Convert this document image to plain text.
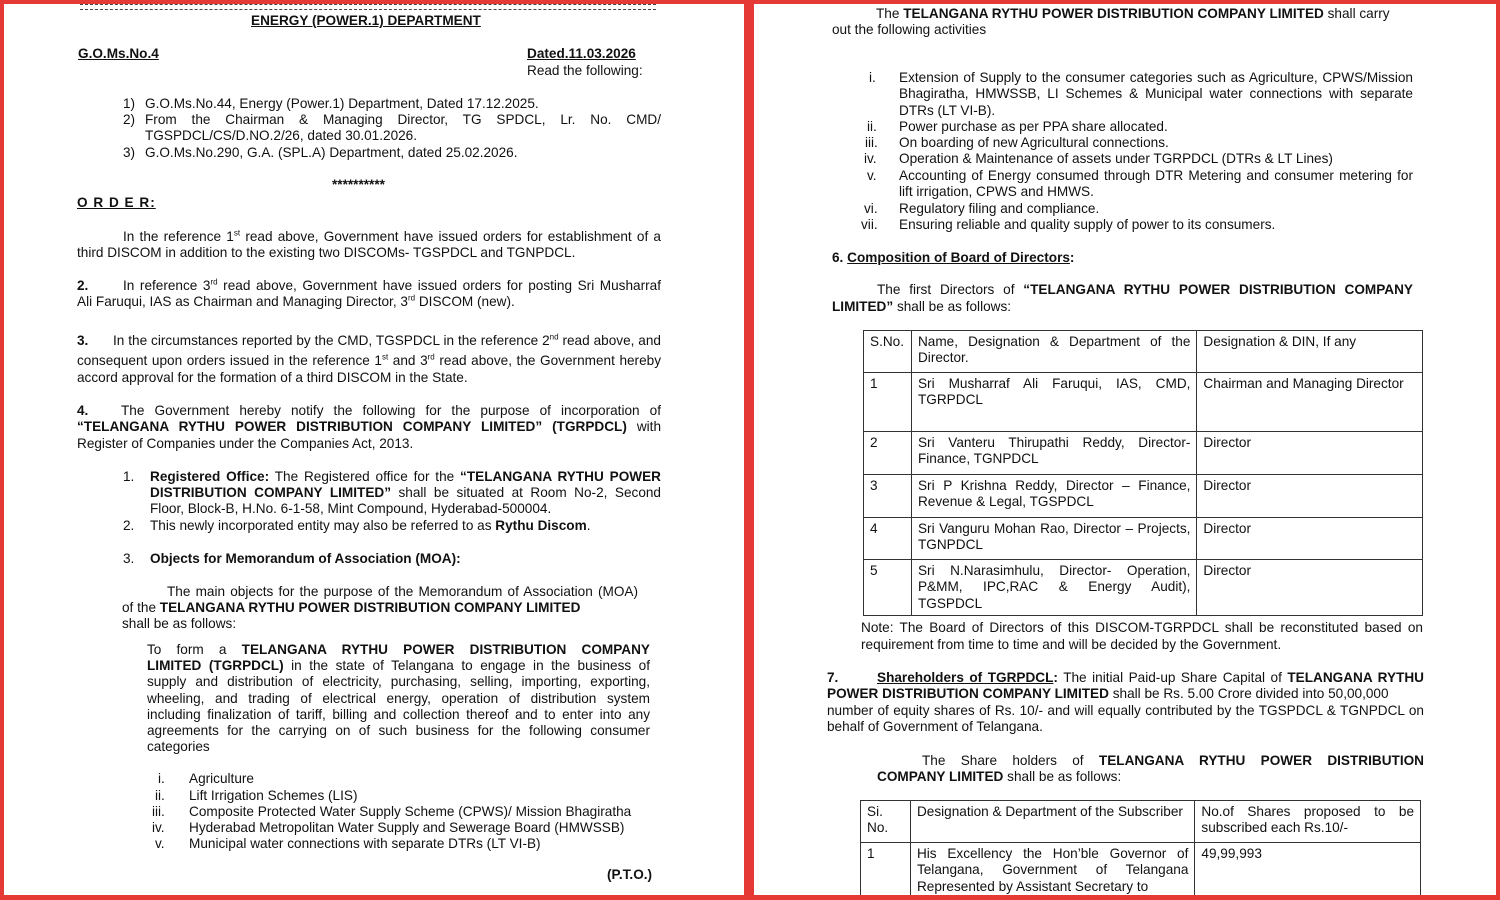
ENERGY (POWER.1) DEPARTMENT
G.O.Ms.No.4	Dated.11.03.2026
Read the following:
1) G.O.Ms.No.44, Energy (Power.1) Department, Dated 17.12.2025.
2) From the Chairman & Managing Director, TG SPDCL, Lr. No. CMD/
TGSPDCL/CS/D.NO.2/26, dated 30.01.2026.
3) G.O.Ms.No.290, G.A. (SPL.A) Department, dated 25.02.2026.
**********
O R D E R:
In the reference 1st read above, Government have issued orders for establishment of a
third DISCOM in addition to the existing two DISCOMs- TGSPDCL and TGNPDCL.
2.	In reference 3rd read above, Government have issued orders for posting Sri Musharraf
Ali Faruqui, IAS as Chairman and Managing Director, 3rd DISCOM (new).
3. In the circumstances reported by the CMD, TGSPDCL in the reference 2nd read above, and
consequent upon orders issued in the reference 1st and 3rd read above, the Government hereby
accord approval for the formation of a third DISCOM in the State.
4. The Government hereby notify the following for the purpose of incorporation of
“TELANGANA RYTHU POWER DISTRIBUTION COMPANY LIMITED” (TGRPDCL) with
Register of Companies under the Companies Act, 2013.
1. Registered Office: The Registered office for the “TELANGANA RYTHU POWER
DISTRIBUTION COMPANY LIMITED” shall be situated at Room No-2, Second
Floor, Block-B, H.No. 6-1-58, Mint Compound, Hyderabad-500004.
2. This newly incorporated entity may also be referred to as Rythu Discom.
3. Objects for Memorandum of Association (MOA):
The main objects for the purpose of the Memorandum of Association (MOA)
of the TELANGANA RYTHU POWER DISTRIBUTION COMPANY LIMITED
shall be as follows:
To form a TELANGANA RYTHU POWER DISTRIBUTION COMPANY
LIMITED (TGRPDCL) in the state of Telangana to engage in the business of
supply and distribution of electricity, purchasing, selling, importing, exporting,
wheeling, and trading of electrical energy, operation of distribution system
including finalization of tariff, billing and collection thereof and to enter into any
agreements for the carrying on of such business for the following consumer
categories
i. Agriculture
ii. Lift Irrigation Schemes (LIS)
iii. Composite Protected Water Supply Scheme (CPWS)/ Mission Bhagiratha
iv. Hyderabad Metropolitan Water Supply and Sewerage Board (HMWSSB)
v. Municipal water connections with separate DTRs (LT VI-B)
(P.T.O.)
The TELANGANA RYTHU POWER DISTRIBUTION COMPANY LIMITED shall carry
out the following activities
i. Extension of Supply to the consumer categories such as Agriculture, CPWS/Mission
Bhagiratha, HMWSSB, LI Schemes & Municipal water connections with separate
DTRs (LT VI-B).
ii. Power purchase as per PPA share allocated.
iii. On boarding of new Agricultural connections.
iv. Operation & Maintenance of assets under TGRPDCL (DTRs & LT Lines)
v. Accounting of Energy consumed through DTR Metering and consumer metering for
lift irrigation, CPWS and HMWS.
vi. Regulatory filing and compliance.
vii. Ensuring reliable and quality supply of power to its consumers.
6. Composition of Board of Directors:
The first Directors of “TELANGANA RYTHU POWER DISTRIBUTION COMPANY
LIMITED” shall be as follows:
S.No.	Name, Designation & Department of the Director.	Designation & DIN, If any
1	Sri Musharraf Ali Faruqui, IAS, CMD, TGRPDCL	Chairman and Managing Director
2	Sri Vanteru Thirupathi Reddy, Director-Finance, TGNPDCL	Director
3	Sri P Krishna Reddy, Director – Finance, Revenue & Legal, TGSPDCL	Director
4	Sri Vanguru Mohan Rao, Director – Projects, TGNPDCL	Director
5	Sri N.Narasimhulu, Director- Operation, P&MM, IPC,RAC & Energy Audit), TGSPDCL	Director
Note: The Board of Directors of this DISCOM-TGRPDCL shall be reconstituted based on
requirement from time to time and will be decided by the Government.
7.	Shareholders of TGRPDCL: The initial Paid-up Share Capital of TELANGANA RYTHU
POWER DISTRIBUTION COMPANY LIMITED shall be Rs. 5.00 Crore divided into 50,00,000
number of equity shares of Rs. 10/- and will equally contributed by the TGSPDCL & TGNPDCL on
behalf of Government of Telangana.
The Share holders of TELANGANA RYTHU POWER DISTRIBUTION
COMPANY LIMITED shall be as follows:
Si. No.	Designation & Department of the Subscriber	No.of Shares proposed to be subscribed each Rs.10/-
1	His Excellency the Hon’ble Governor of Telangana, Government of Telangana Represented by Assistant Secretary to	49,99,993
